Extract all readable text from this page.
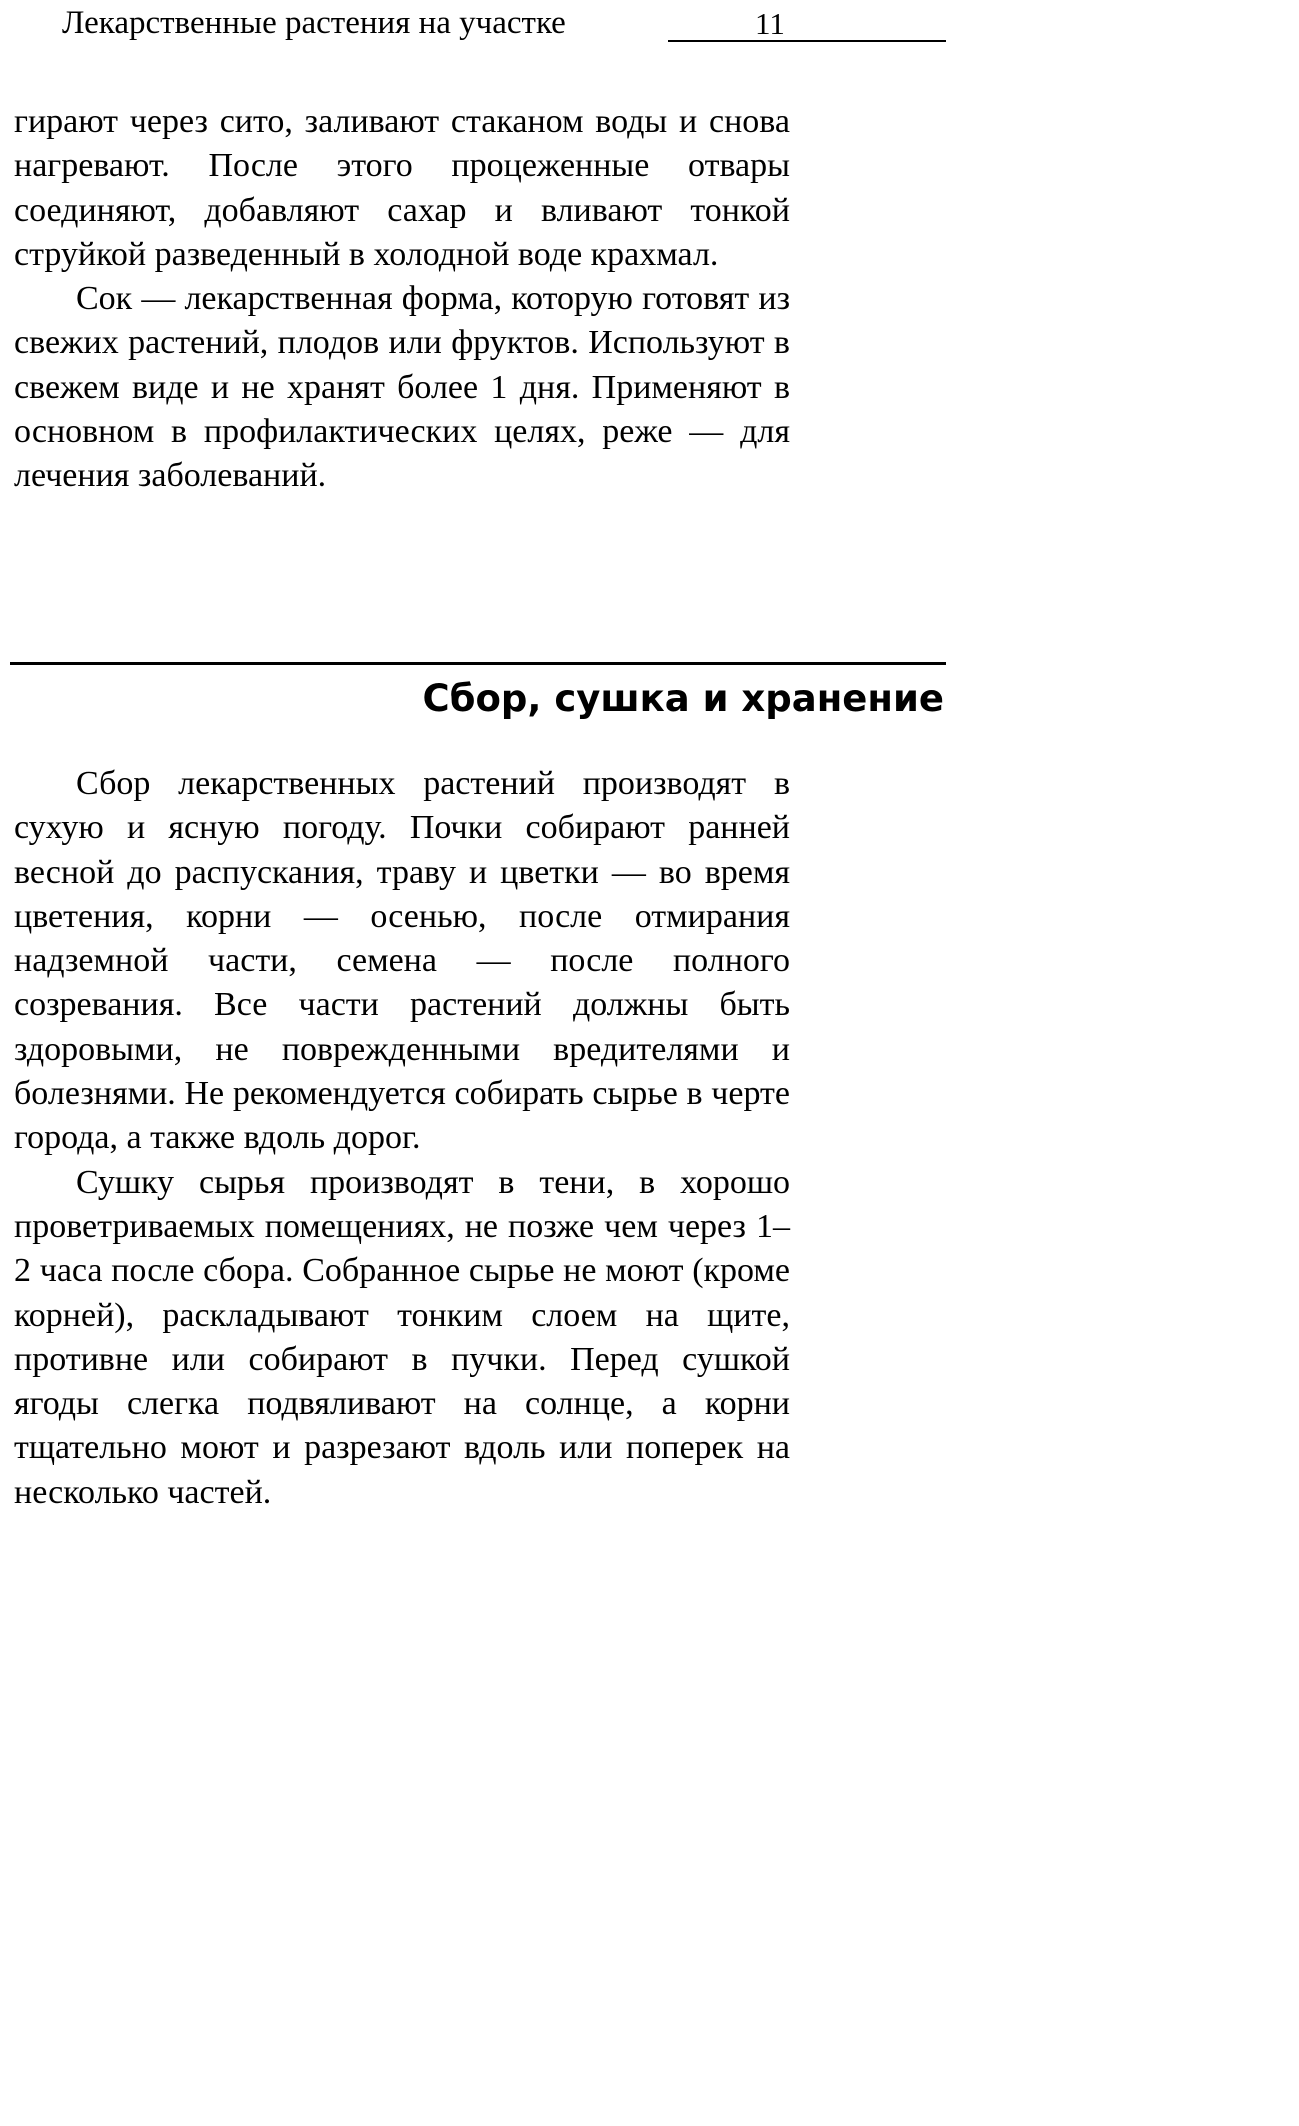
Лекарственные растения на участке	11

гирают через сито, заливают стаканом воды и снова нагревают. После этого процеженные отвары соединяют, добавляют сахар и вливают тонкой струйкой разведенный в холодной воде крахмал.

Сок — лекарственная форма, которую готовят из свежих растений, плодов или фруктов. Используют в свежем виде и не хранят более 1 дня. Применяют в основном в профилактических целях, реже — для лечения заболеваний.

Сбор, сушка и хранение

Сбор лекарственных растений производят в сухую и ясную погоду. Почки собирают ранней весной до распускания, траву и цветки — во время цветения, корни — осенью, после отмирания надземной части, семена — после полного созревания. Все части растений должны быть здоровыми, не поврежденными вредителями и болезнями. Не рекомендуется собирать сырье в черте города, а также вдоль дорог.

Сушку сырья производят в тени, в хорошо проветриваемых помещениях, не позже чем через 1–2 часа после сбора. Собранное сырье не моют (кроме корней), раскладывают тонким слоем на щите, противне или собирают в пучки. Перед сушкой ягоды слегка подвяливают на солнце, а корни тщательно моют и разрезают вдоль или поперек на несколько частей.
